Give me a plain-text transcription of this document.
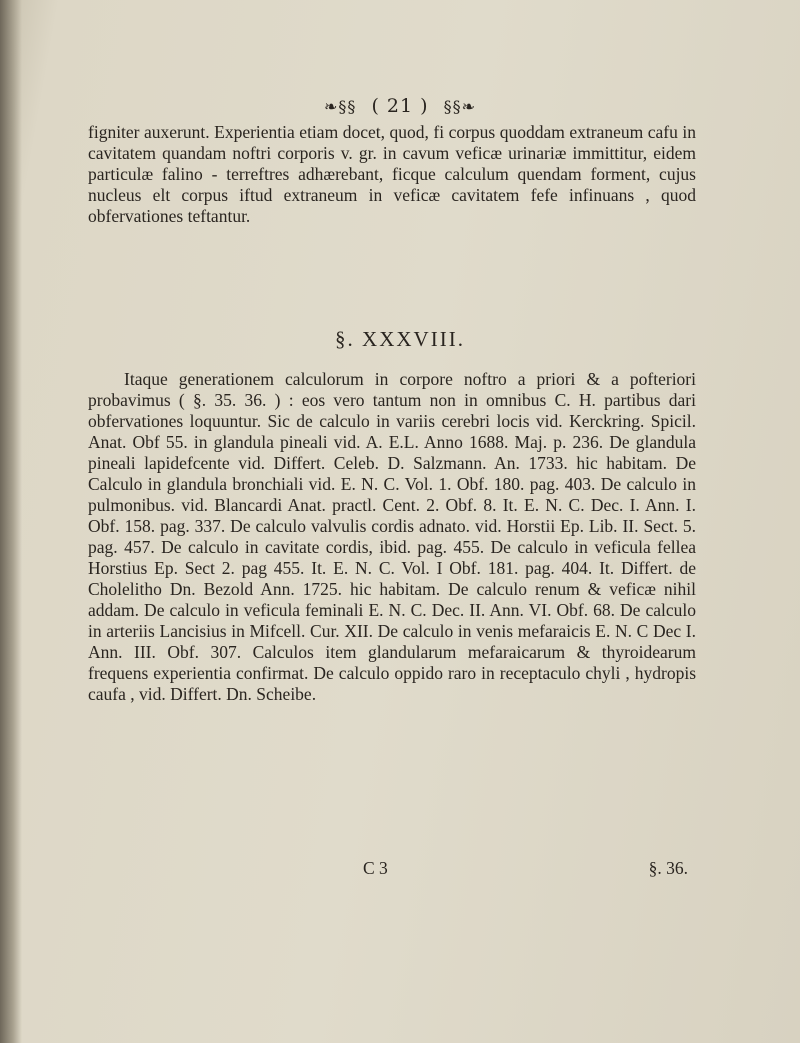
❧§§ ( 21 ) §§❧

figniter auxerunt. Experientia etiam docet, quod, fi corpus quoddam extraneum cafu in cavitatem quandam noftri corporis v. gr. in cavum veficæ urinariæ immittitur, eidem particulæ falino - terreftres adhærebant, ficque calculum quendam forment, cujus nucleus elt corpus iftud extraneum in veficæ cavitatem fefe infinuans , quod obfervationes teftantur.

§. XXXVIII.

Itaque generationem calculorum in corpore noftro a priori & a pofteriori probavimus ( §. 35. 36. ) : eos vero tantum non in omnibus C. H. partibus dari obfervationes loquuntur. Sic de calculo in variis cerebri locis vid. Kerckring. Spicil. Anat. Obf 55. in glandula pineali vid. A. E.L. Anno 1688. Maj. p. 236. De glandula pineali lapidefcente vid. Differt. Celeb. D. Salzmann. An. 1733. hic habitam. De Calculo in glandula bronchiali vid. E. N. C. Vol. 1. Obf. 180. pag. 403. De calculo in pulmonibus. vid. Blancardi Anat. practl. Cent. 2. Obf. 8. It. E. N. C. Dec. I. Ann. I. Obf. 158. pag. 337. De calculo valvulis cordis adnato. vid. Horstii Ep. Lib. II. Sect. 5. pag. 457. De calculo in cavitate cordis, ibid. pag. 455. De calculo in veficula fellea Horstius Ep. Sect 2. pag 455. It. E. N. C. Vol. I Obf. 181. pag. 404. It. Differt. de Cholelitho Dn. Bezold Ann. 1725. hic habitam. De calculo renum & veficæ nihil addam. De calculo in veficula feminali E. N. C. Dec. II. Ann. VI. Obf. 68. De calculo in arteriis Lancisius in Mifcell. Cur. XII. De calculo in venis mefaraicis E. N. C Dec I. Ann. III. Obf. 307. Calculos item glandularum mefaraicarum & thyroidearum frequens experientia confirmat. De calculo oppido raro in receptaculo chyli , hydropis caufa , vid. Differt. Dn. Scheibe.

C 3	§. 36.
